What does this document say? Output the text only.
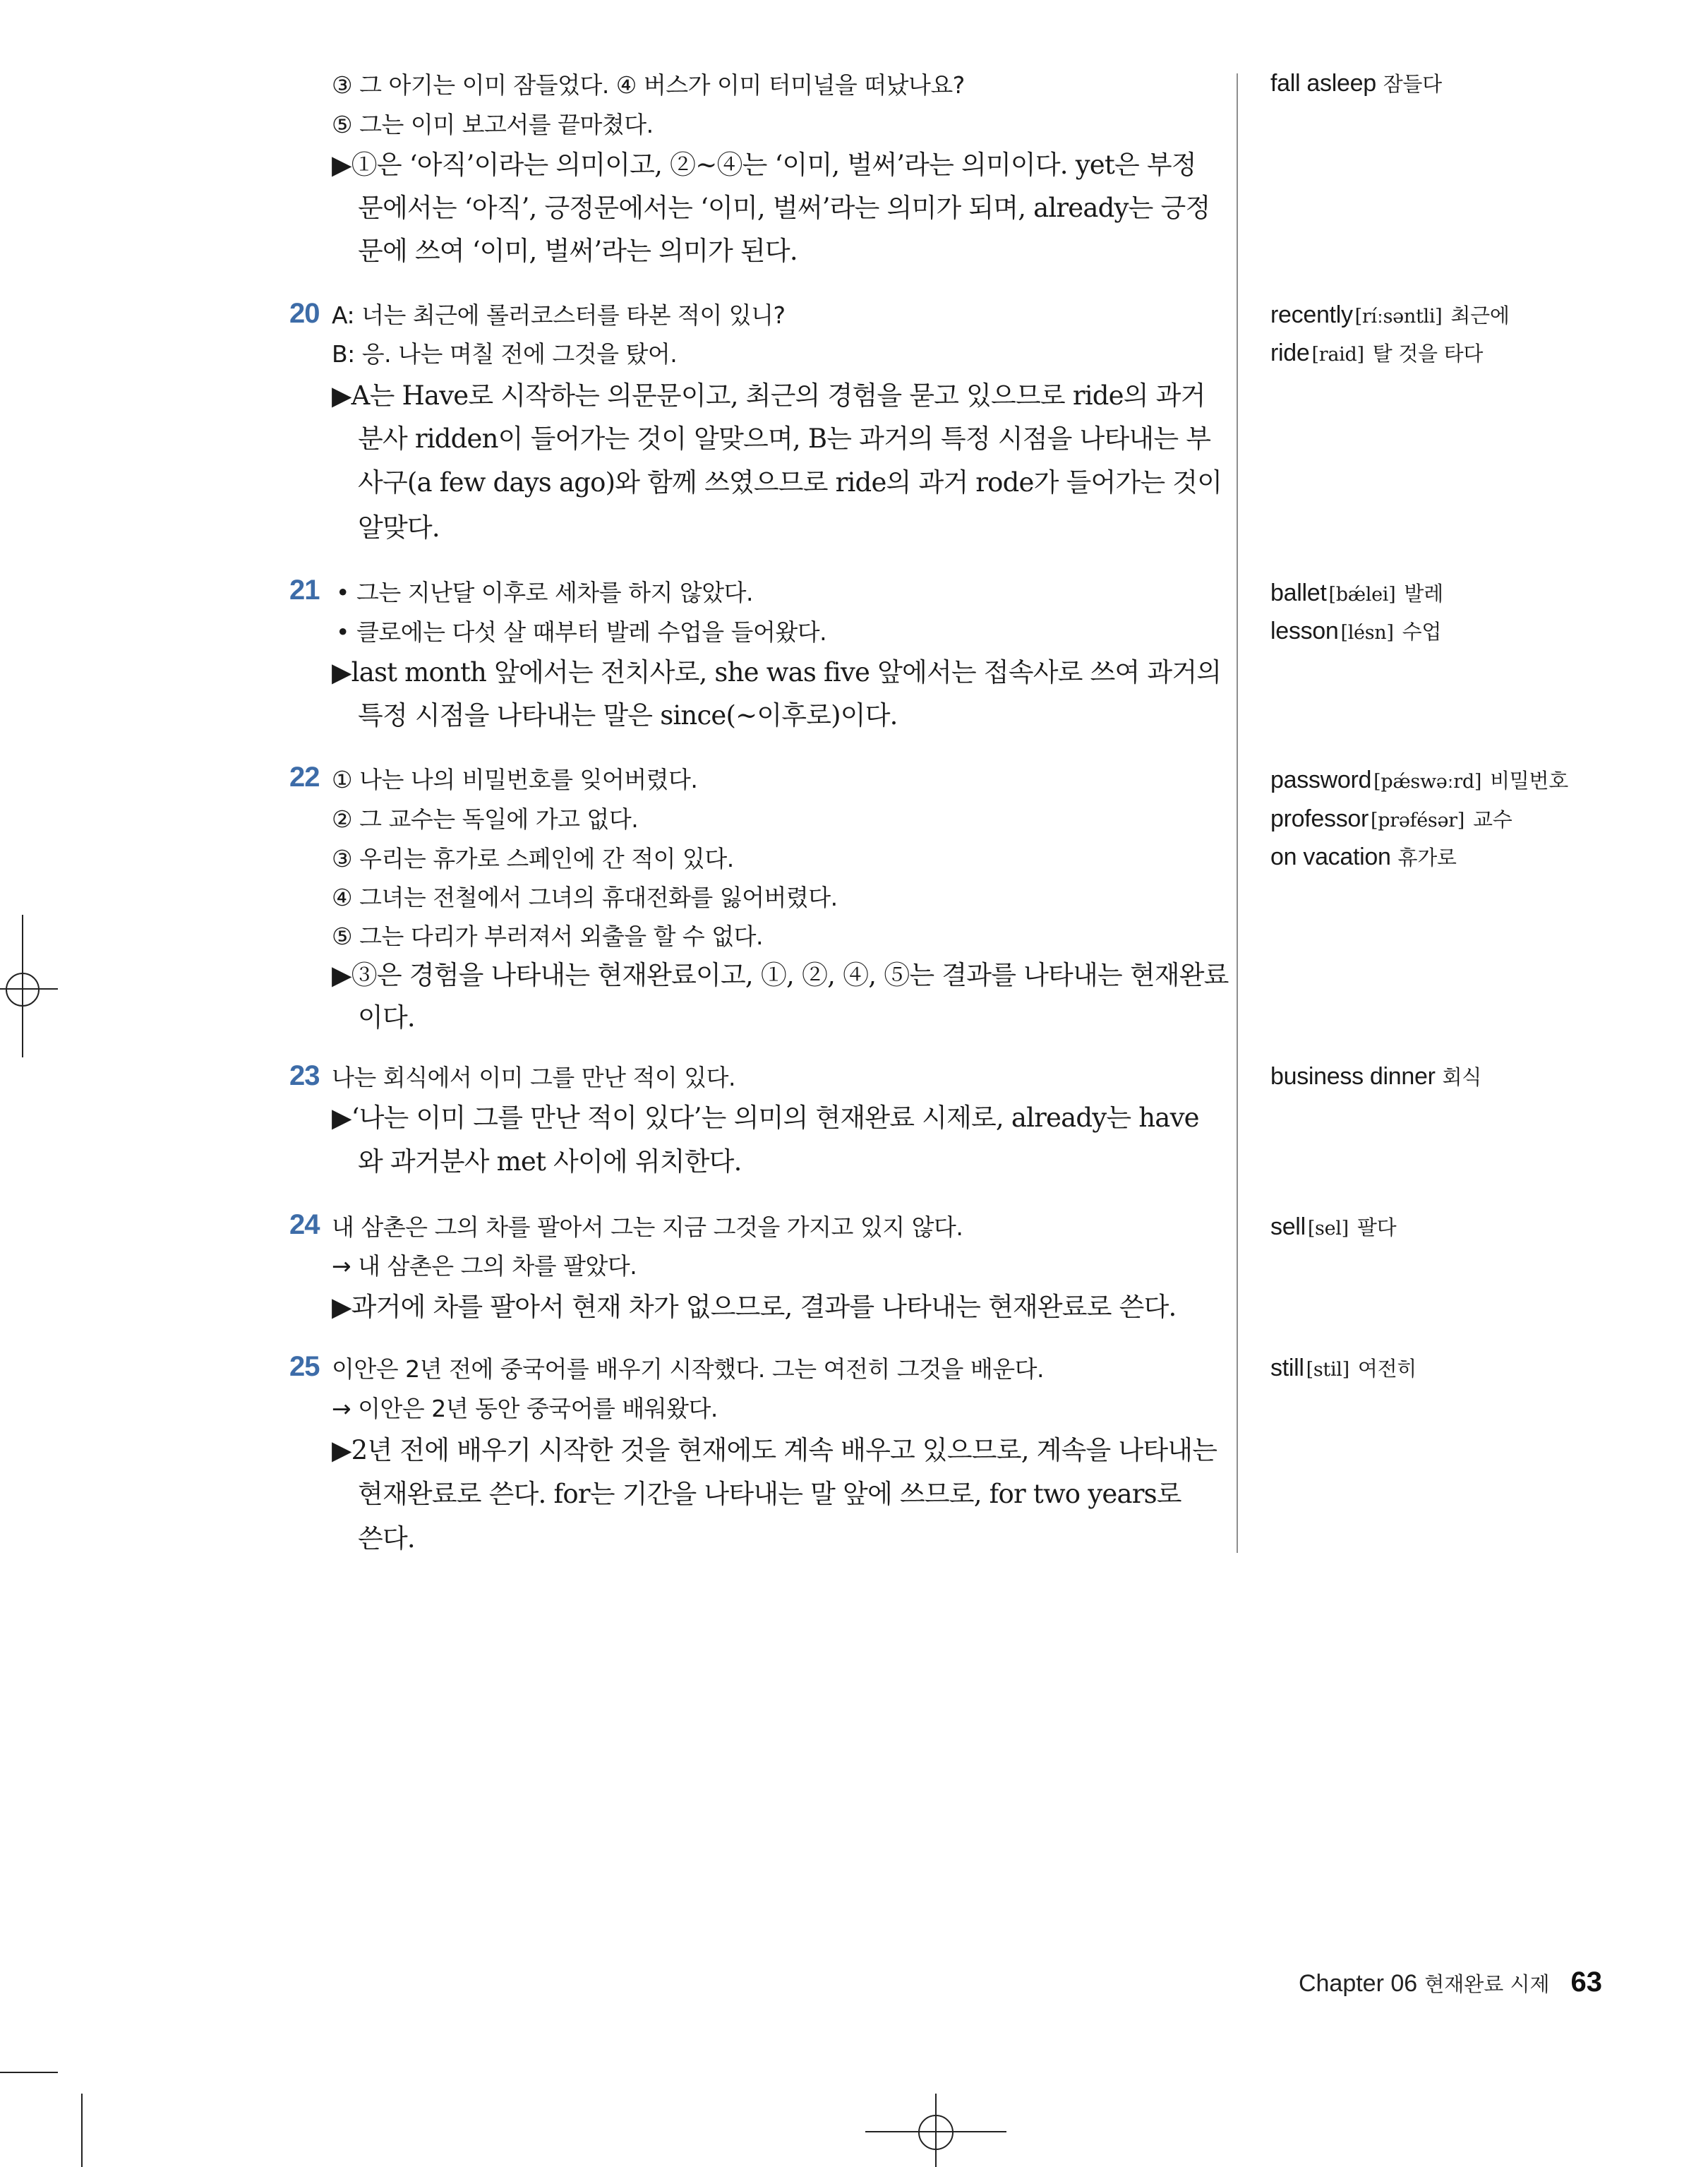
③ 그 아기는 이미 잠들었다. ④ 버스가 이미 터미널을 떠났나요?
⑤ 그는 이미 보고서를 끝마쳤다.
▶①은 ‘아직’이라는 의미이고, ②~④는 ‘이미, 벌써’라는 의미이다. yet은 부정
문에서는 ‘아직’, 긍정문에서는 ‘이미, 벌써’라는 의미가 되며, already는 긍정
문에 쓰여 ‘이미, 벌써’라는 의미가 된다.
20 A: 너는 최근에 롤러코스터를 타본 적이 있니?
B: 응. 나는 며칠 전에 그것을 탔어.
▶A는 Have로 시작하는 의문문이고, 최근의 경험을 묻고 있으므로 ride의 과거
분사 ridden이 들어가는 것이 알맞으며, B는 과거의 특정 시점을 나타내는 부
사구(a few days ago)와 함께 쓰였으므로 ride의 과거 rode가 들어가는 것이
알맞다.
21 • 그는 지난달 이후로 세차를 하지 않았다.
• 클로에는 다섯 살 때부터 발레 수업을 들어왔다.
▶last month 앞에서는 전치사로, she was five 앞에서는 접속사로 쓰여 과거의
특정 시점을 나타내는 말은 since(~이후로)이다.
22 ① 나는 나의 비밀번호를 잊어버렸다.
② 그 교수는 독일에 가고 없다.
③ 우리는 휴가로 스페인에 간 적이 있다.
④ 그녀는 전철에서 그녀의 휴대전화를 잃어버렸다.
⑤ 그는 다리가 부러져서 외출을 할 수 없다.
▶③은 경험을 나타내는 현재완료이고, ①, ②, ④, ⑤는 결과를 나타내는 현재완료
이다.
23 나는 회식에서 이미 그를 만난 적이 있다.
▶‘나는 이미 그를 만난 적이 있다’는 의미의 현재완료 시제로, already는 have
와 과거분사 met 사이에 위치한다.
24 내 삼촌은 그의 차를 팔아서 그는 지금 그것을 가지고 있지 않다.
→ 내 삼촌은 그의 차를 팔았다.
▶과거에 차를 팔아서 현재 차가 없으므로, 결과를 나타내는 현재완료로 쓴다.
25 이안은 2년 전에 중국어를 배우기 시작했다. 그는 여전히 그것을 배운다.
→ 이안은 2년 동안 중국어를 배워왔다.
▶2년 전에 배우기 시작한 것을 현재에도 계속 배우고 있으므로, 계속을 나타내는
현재완료로 쓴다. for는 기간을 나타내는 말 앞에 쓰므로, for two years로
쓴다.
fall asleep 잠들다
recently [ríːsəntli] 최근에
ride [raid] 탈 것을 타다
ballet [bǽlei] 발레
lesson [lésn] 수업
password [pǽswəːrd] 비밀번호
professor [prəfésər] 교수
on vacation 휴가로
business dinner 회식
sell [sel] 팔다
still [stil] 여전히
Chapter 06 현재완료 시제 63
